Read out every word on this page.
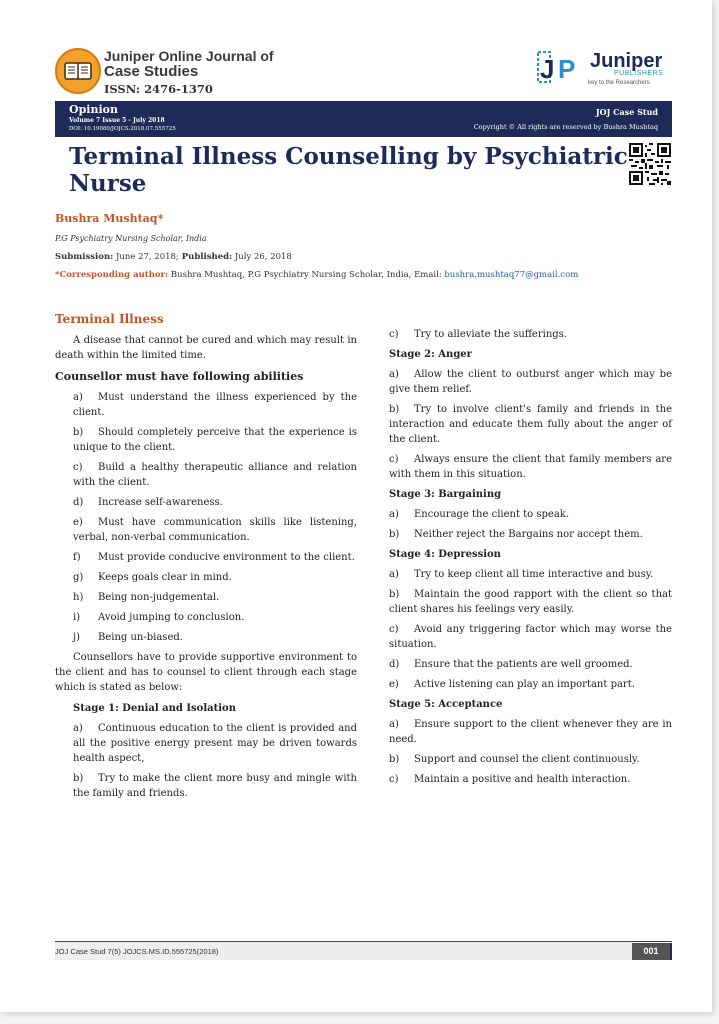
Juniper Online Journal of
Case Studies
ISSN: 2476-1370
J P Juniper
PUBLISHERS
key to the Researchers
Opinion
Volume 7 Issue 5 - July 2018
DOI: 10.19080/JOJCS.2018.07.555725
JOJ Case Stud
Copyright © All rights are reserved by Bushra Mushtaq
Terminal Illness Counselling by Psychiatric Nurse
Bushra Mushtaq*
P.G Psychiatry Nursing Scholar, India
Submission: June 27, 2018; Published: July 26, 2018
*Corresponding author: Bushra Mushtaq, P.G Psychiatry Nursing Scholar, India, Email: bushra.mushtaq77@gmail.com
Terminal Illness
A disease that cannot be cured and which may result in death within the limited time.
Counsellor must have following abilities
a) Must understand the illness experienced by the client.
b) Should completely perceive that the experience is unique to the client.
c) Build a healthy therapeutic alliance and relation with the client.
d) Increase self-awareness.
e) Must have communication skills like listening, verbal, non-verbal communication.
f) Must provide conducive environment to the client.
g) Keeps goals clear in mind.
h) Being non-judgemental.
i) Avoid jumping to conclusion.
j) Being un-biased.
Counsellors have to provide supportive environment to the client and has to counsel to client through each stage which is stated as below:
Stage 1: Denial and Isolation
a) Continuous education to the client is provided and all the positive energy present may be driven towards health aspect,
b) Try to make the client more busy and mingle with the family and friends.
c) Try to alleviate the sufferings.
Stage 2: Anger
a) Allow the client to outburst anger which may be give them relief.
b) Try to involve client's family and friends in the interaction and educate them fully about the anger of the client.
c) Always ensure the client that family members are with them in this situation.
Stage 3: Bargaining
a) Encourage the client to speak.
b) Neither reject the Bargains nor accept them.
Stage 4: Depression
a) Try to keep client all time interactive and busy.
b) Maintain the good rapport with the client so that client shares his feelings very easily.
c) Avoid any triggering factor which may worse the situation.
d) Ensure that the patients are well groomed.
e) Active listening can play an important part.
Stage 5: Acceptance
a) Ensure support to the client whenever they are in need.
b) Support and counsel the client continuously.
c) Maintain a positive and health interaction.
JOJ Case Stud 7(5) JOJCS.MS.ID.555725(2018)	001
